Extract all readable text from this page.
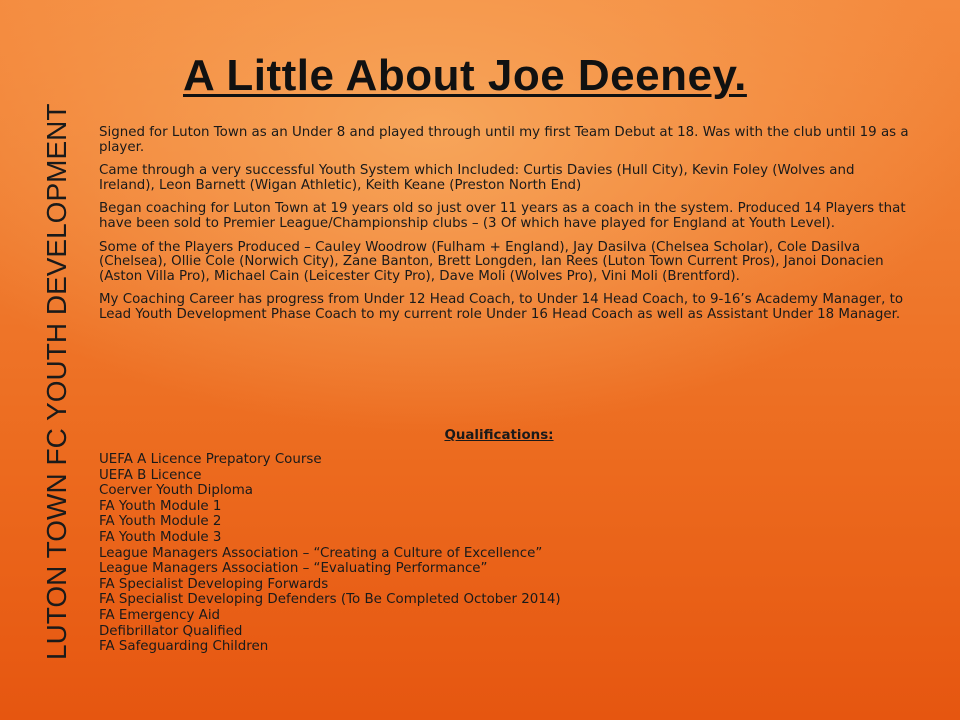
A Little About Joe Deeney.

Signed for Luton Town as an Under 8 and played through until my first Team Debut at 18. Was with the club until 19 as a player.

Came through a very successful Youth System which Included: Curtis Davies (Hull City), Kevin Foley (Wolves and Ireland), Leon Barnett (Wigan Athletic), Keith Keane (Preston North End)

Began coaching for Luton Town at 19 years old so just over 11 years as a coach in the system. Produced 14 Players that have been sold to Premier League/Championship clubs – (3 Of which have played for England at Youth Level).

Some of the Players Produced – Cauley Woodrow (Fulham + England), Jay Dasilva (Chelsea Scholar), Cole Dasilva (Chelsea), Ollie Cole (Norwich City), Zane Banton, Brett Longden, Ian Rees (Luton Town Current Pros), Janoi Donacien (Aston Villa Pro), Michael Cain (Leicester City Pro), Dave Moli (Wolves Pro), Vini Moli (Brentford).

My Coaching Career has progress from Under 12 Head Coach, to Under 14 Head Coach, to 9-16’s Academy Manager, to Lead Youth Development Phase Coach to my current role Under 16 Head Coach as well as Assistant Under 18 Manager.

Qualifications:
UEFA A Licence Prepatory Course
UEFA B Licence
Coerver Youth Diploma
FA Youth Module 1
FA Youth Module 2
FA Youth Module 3
League Managers Association – “Creating a Culture of Excellence”
League Managers Association – “Evaluating Performance”
FA Specialist Developing Forwards
FA Specialist Developing Defenders (To Be Completed October 2014)
FA Emergency Aid
Defibrillator Qualified
FA Safeguarding Children

LUTON TOWN FC YOUTH DEVELOPMENT
